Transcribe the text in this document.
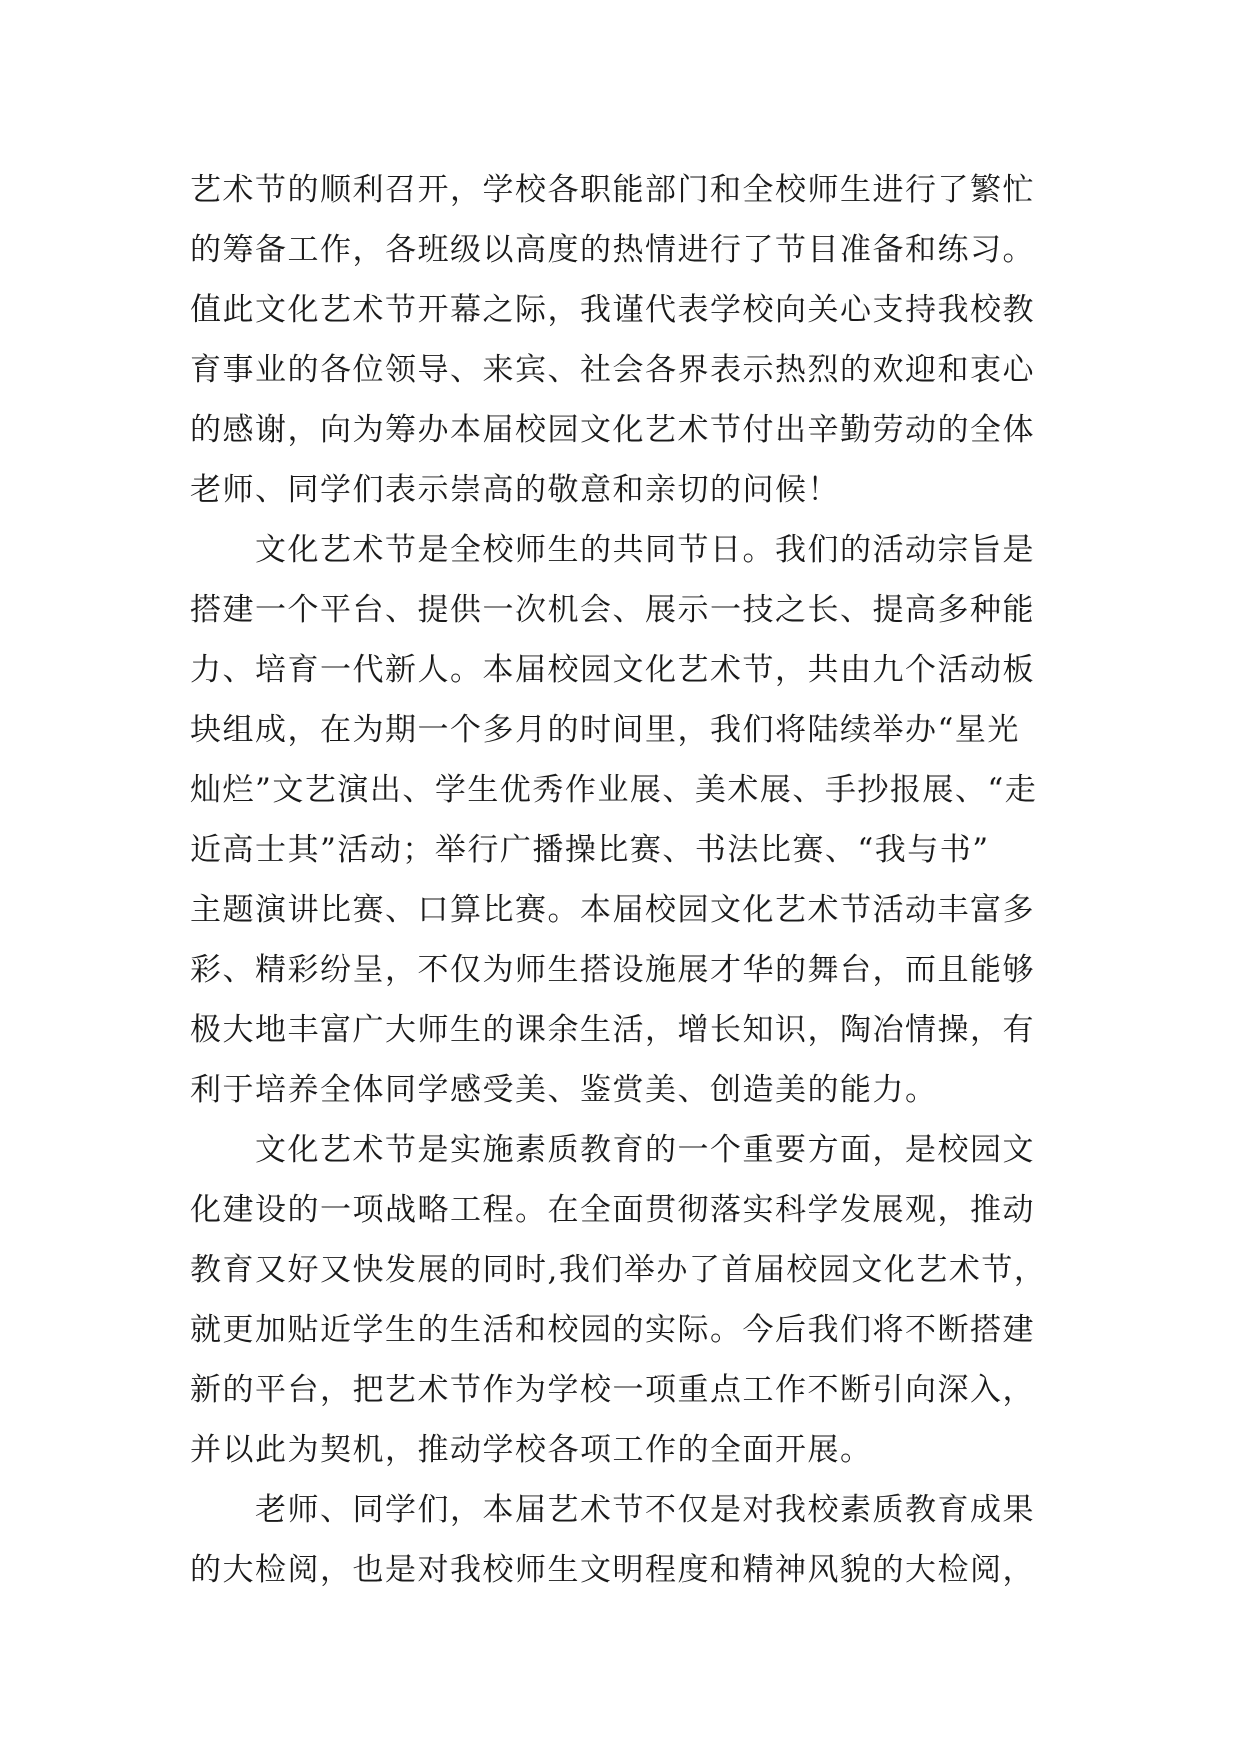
艺术节的顺利召开，学校各职能部门和全校师生进行了繁忙
的筹备工作，各班级以高度的热情进行了节目准备和练习。
值此文化艺术节开幕之际，我谨代表学校向关心支持我校教
育事业的各位领导、来宾、社会各界表示热烈的欢迎和衷心
的感谢，向为筹办本届校园文化艺术节付出辛勤劳动的全体
老师、同学们表示崇高的敬意和亲切的问候！
　　文化艺术节是全校师生的共同节日。我们的活动宗旨是
搭建一个平台、提供一次机会、展示一技之长、提高多种能
力、培育一代新人。本届校园文化艺术节，共由九个活动板
块组成，在为期一个多月的时间里，我们将陆续举办“星光
灿烂”文艺演出、学生优秀作业展、美术展、手抄报展、“走
近高士其”活动；举行广播操比赛、书法比赛、“我与书”
主题演讲比赛、口算比赛。本届校园文化艺术节活动丰富多
彩、精彩纷呈，不仅为师生搭设施展才华的舞台，而且能够
极大地丰富广大师生的课余生活，增长知识，陶冶情操，有
利于培养全体同学感受美、鉴赏美、创造美的能力。
　　文化艺术节是实施素质教育的一个重要方面，是校园文
化建设的一项战略工程。在全面贯彻落实科学发展观，推动
教育又好又快发展的同时,我们举办了首届校园文化艺术节，
就更加贴近学生的生活和校园的实际。今后我们将不断搭建
新的平台，把艺术节作为学校一项重点工作不断引向深入，
并以此为契机，推动学校各项工作的全面开展。
　　老师、同学们，本届艺术节不仅是对我校素质教育成果
的大检阅，也是对我校师生文明程度和精神风貌的大检阅，
